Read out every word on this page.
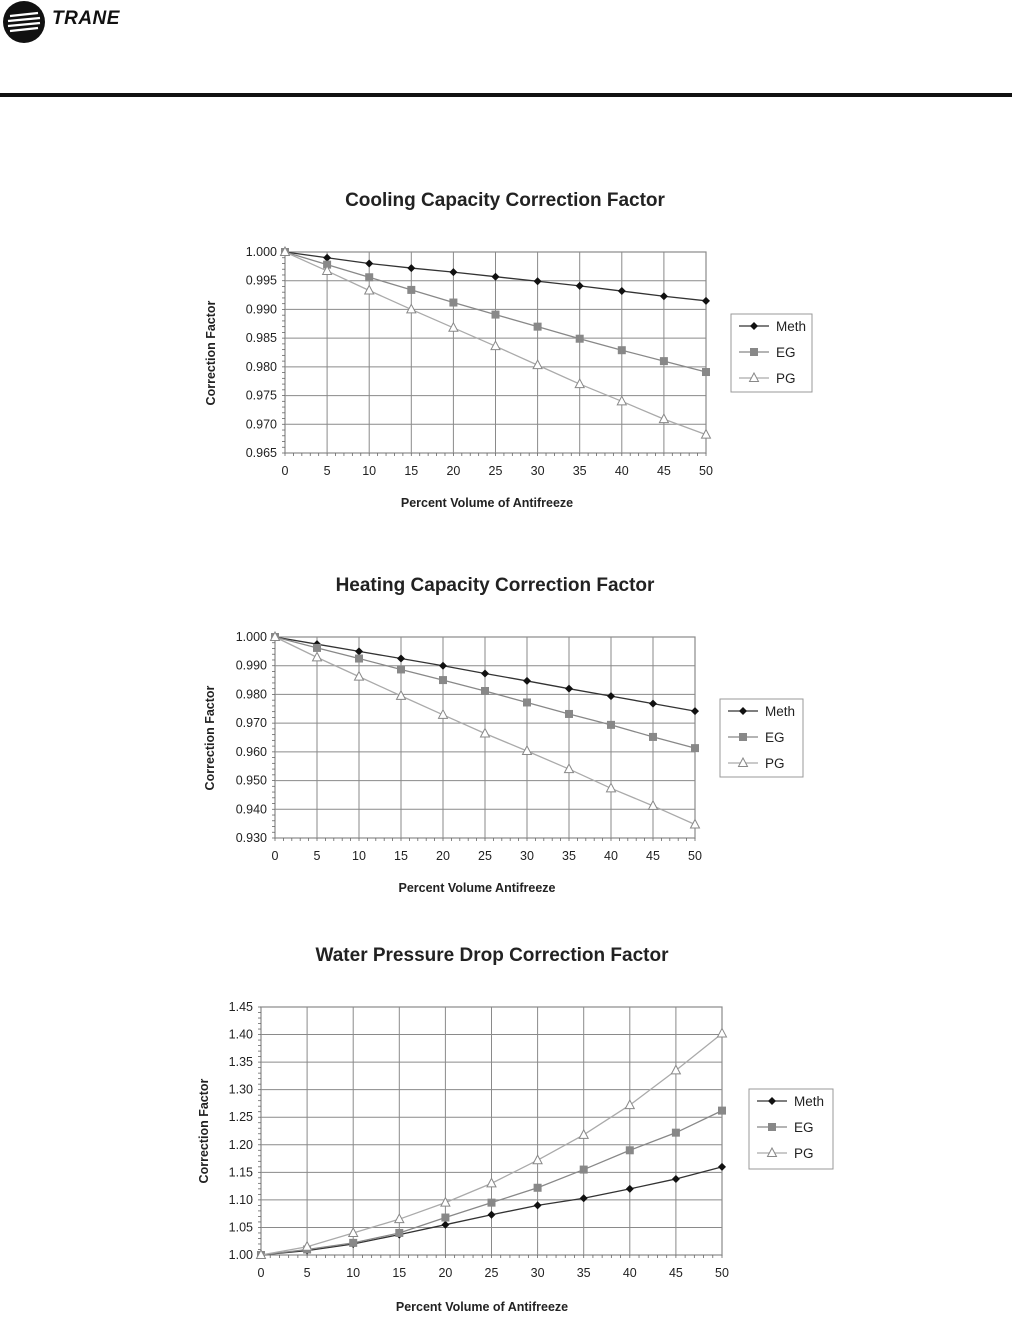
TRANE
Cooling Capacity Correction Factor
1.000
0.995
0.990
0.985
0.980
0.975
0.970
0.965
0	5	10 15 20 25 30 35 40 45 50
Percent Volume of Antifreeze
Correction Factor	Meth
EG
PG
Heating Capacity Correction Factor
1.000
0.990
0.980
0.970
0.960
0.950
0.940
0.930
0	5	10 15 20 25 30 35 40 45 50
Percent Volume Antifreeze
Correction Factor	Meth
EG
PG
Water Pressure Drop Correction Factor
1.45
1.40
1.35
1.30
1.25
1.20
1.15
1.10
1.05
1.00
0	5	10	15	20	25	30	35	40	45	50
Percent Volume of Antifreeze
Correction Factor	Meth
EG
PG
